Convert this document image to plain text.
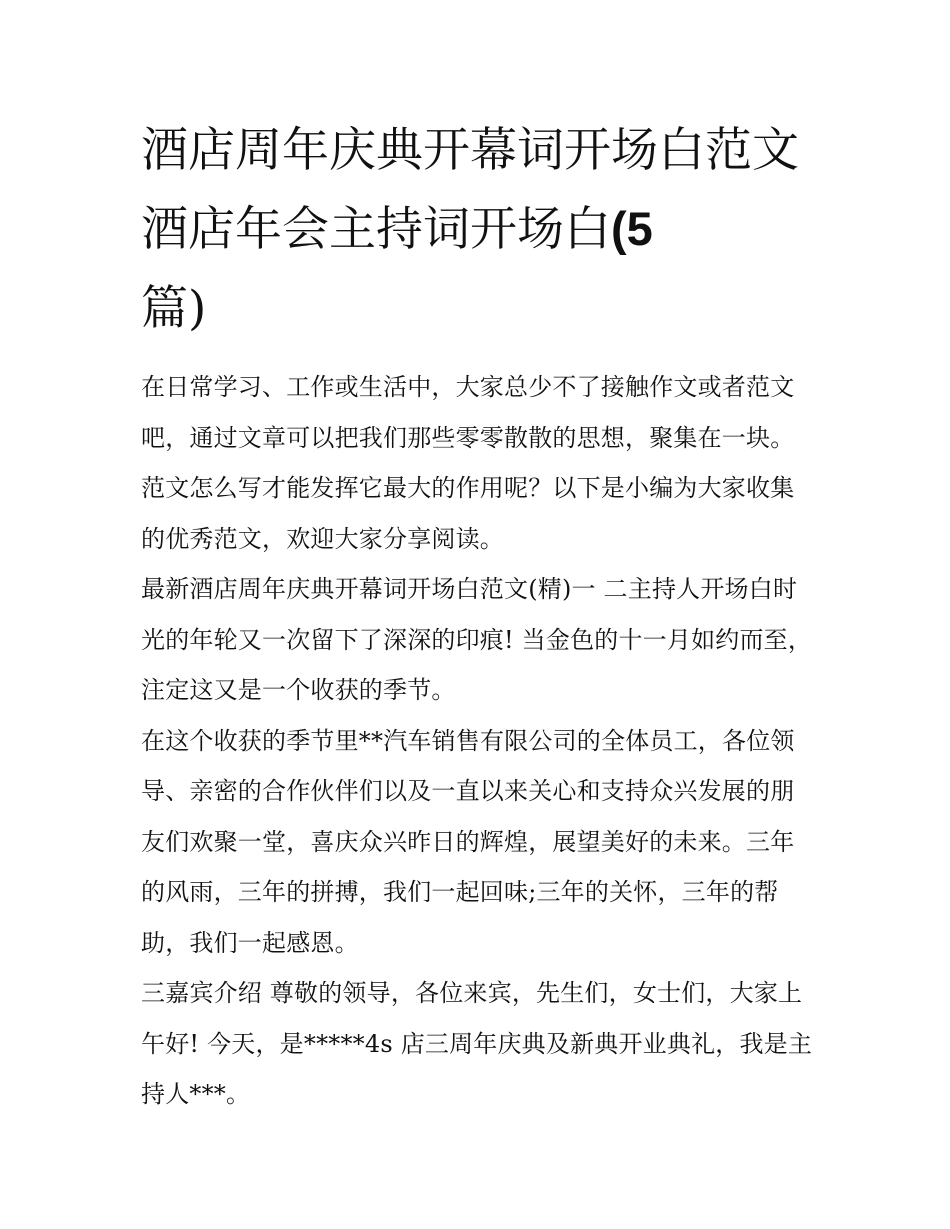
酒店周年庆典开幕词开场白范文 酒店年会主持词开场白(5
篇)

在日常学习、工作或生活中，大家总少不了接触作文或者范文吧，通过文章可以把我们那些零零散散的思想，聚集在一块。范文怎么写才能发挥它最大的作用呢？以下是小编为大家收集的优秀范文，欢迎大家分享阅读。

最新酒店周年庆典开幕词开场白范文(精)一 二主持人开场白时光的年轮又一次留下了深深的印痕! 当金色的十一月如约而至，注定这又是一个收获的季节。

在这个收获的季节里**汽车销售有限公司的全体员工，各位领导、亲密的合作伙伴们以及一直以来关心和支持众兴发展的朋友们欢聚一堂，喜庆众兴昨日的辉煌，展望美好的未来。三年的风雨，三年的拼搏，我们一起回味;三年的关怀，三年的帮助，我们一起感恩。

三嘉宾介绍 尊敬的领导，各位来宾，先生们，女士们，大家上午好! 今天，是*****4s 店三周年庆典及新典开业典礼，我是主持人***。
